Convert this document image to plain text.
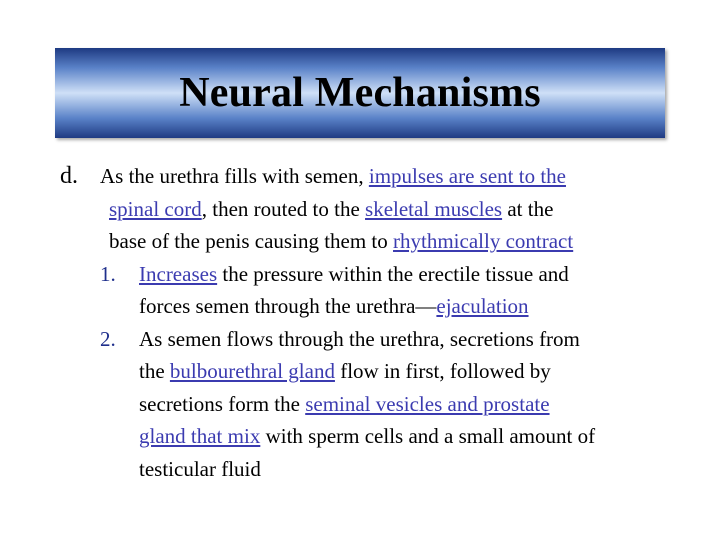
Neural Mechanisms
d. As the urethra fills with semen, impulses are sent to the
spinal cord, then routed to the skeletal muscles at the
base of the penis causing them to rhythmically contract
1. Increases the pressure within the erectile tissue and
forces semen through the urethra—ejaculation
2. As semen flows through the urethra, secretions from
the bulbourethral gland flow in first, followed by
secretions form the seminal vesicles and prostate
gland that mix with sperm cells and a small amount of
testicular fluid
